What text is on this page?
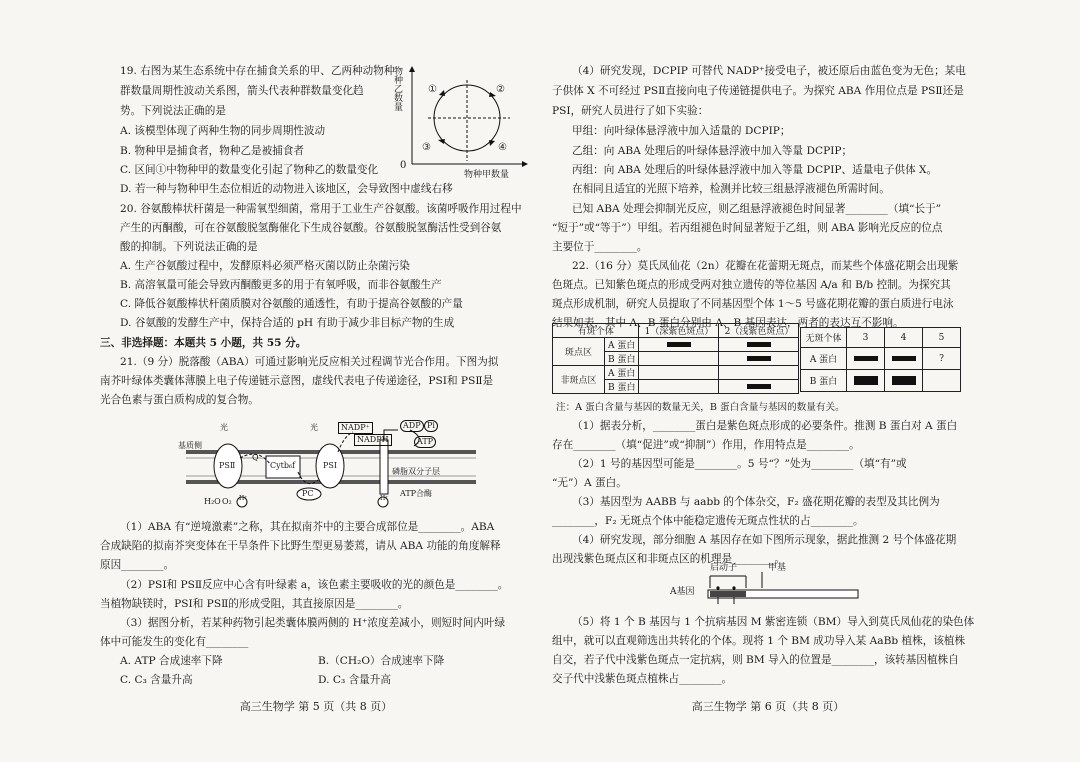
19. 右图为某生态系统中存在捕食关系的甲、乙两种动物种
群数量周期性波动关系图，箭头代表种群数量变化趋
势。下列说法正确的是
A. 该模型体现了两种生物的同步周期性波动
B. 物种甲是捕食者，物种乙是被捕食者
C. 区间①中物种甲的数量变化引起了物种乙的数量变化
D. 若一种与物种甲生态位相近的动物进入该地区，会导致图中虚线右移
物种乙数量
0
物种甲数量
①	②
③	④
20. 谷氨酸棒状杆菌是一种需氧型细菌，常用于工业生产谷氨酸。该菌呼吸作用过程中
产生的丙酮酸，可在谷氨酸脱氢酶催化下生成谷氨酸。谷氨酸脱氢酶活性受到谷氨
酸的抑制。下列说法正确的是
A. 生产谷氨酸过程中，发酵原料必须严格灭菌以防止杂菌污染
B. 高溶氧量可能会导致丙酮酸更多的用于有氧呼吸，而非谷氨酸生产
C. 降低谷氨酸棒状杆菌质膜对谷氨酸的通透性，有助于提高谷氨酸的产量
D. 谷氨酸的发酵生产中，保持合适的 pH 有助于减少非目标产物的生成
三、非选择题：本题共 5 小题，共 55 分。
21.（9 分）脱落酸（ABA）可通过影响光反应相关过程调节光合作用。下图为拟
南芥叶绿体类囊体薄膜上电子传递链示意图，虚线代表电子传递途径，PSⅠ和 PSⅡ是
光合色素与蛋白质构成的复合物。
基质侧
光	光
PSⅡ	PSⅠ
Cytb₆f
Q
PC
NADP⁺
NADPH
ADP Pi
ATP
磷脂双分子层
ATP合酶
H₂O O₂ H⁺	H⁺
（1）ABA 有“逆境激素”之称，其在拟南芥中的主要合成部位是________。ABA
合成缺陷的拟南芥突变体在干旱条件下比野生型更易萎蔫，请从 ABA 功能的角度解释
原因________。
（2）PSⅠ和 PSⅡ反应中心含有叶绿素 a，该色素主要吸收的光的颜色是________。
当植物缺镁时，PSⅠ和 PSⅡ的形成受阻，其直接原因是________。
（3）据图分析，若某种药物引起类囊体膜两侧的 H⁺浓度差减小，则短时间内叶绿
体中可能发生的变化有________
A. ATP 合成速率下降	B.（CH₂O）合成速率下降
C. C₃ 含量升高	D. C₃ 含量升高
高三生物学 第 5 页（共 8 页）
（4）研究发现，DCPIP 可替代 NADP⁺接受电子，被还原后由蓝色变为无色；某电
子供体 X 不可经过 PSⅡ直接向电子传递链提供电子。为探究 ABA 作用位点是 PSⅡ还是
PSⅠ，研究人员进行了如下实验：
甲组：向叶绿体悬浮液中加入适量的 DCPIP；
乙组：向 ABA 处理后的叶绿体悬浮液中加入等量 DCPIP；
丙组：向 ABA 处理后的叶绿体悬浮液中加入等量 DCPIP、适量电子供体 X。
在相同且适宜的光照下培养，检测并比较三组悬浮液褪色所需时间。
已知 ABA 处理会抑制光反应，则乙组悬浮液褪色时间显著________（填“长于”
“短于”或“等于”）甲组。若丙组褪色时间显著短于乙组，则 ABA 影响光反应的位点
主要位于________。
22.（16 分）莫氏凤仙花（2n）花瓣在花蕾期无斑点，而某些个体盛花期会出现紫
色斑点。已知紫色斑点的形成受两对独立遗传的等位基因 A/a 和 B/b 控制。为探究其
斑点形成机制，研究人员提取了不同基因型个体 1～5 号盛花期花瓣的蛋白质进行电泳
结果如表，其中 A、B 蛋白分别由 A、B 基因表达，两者的表达互不影响。
有斑个体		1（深紫色斑点）	2（浅紫色斑点）
斑点区	A 蛋白		
	B 蛋白		
非斑点区	A 蛋白		
	B 蛋白		
无斑个体	3	4	5
A 蛋白			?
B 蛋白			
注：A 蛋白含量与基因的数量无关，B 蛋白含量与基因的数量有关。
（1）据表分析，________蛋白是紫色斑点形成的必要条件。推测 B 蛋白对 A 蛋白
存在________（填“促进”或“抑制”）作用，作用特点是________。
（2）1 号的基因型可能是________。5 号“？”处为________（填“有”或
“无”）A 蛋白。
（3）基因型为 AABB 与 aabb 的个体杂交，F₂ 盛花期花瓣的表型及其比例为
________，F₂ 无斑点个体中能稳定遗传无斑点性状的占________。
（4）研究发现，部分细胞 A 基因存在如下图所示现象，据此推测 2 号个体盛花期
出现浅紫色斑点区和非斑点区的机理是________。
启动子	甲基
A基因
（5）将 1 个 B 基因与 1 个抗病基因 M 紫密连锁（BM）导入到莫氏凤仙花的染色体
组中，就可以直观筛选出共转化的个体。现将 1 个 BM 成功导入某 AaBb 植株，该植株
自交，若子代中浅紫色斑点一定抗病，则 BM 导入的位置是________，该转基因植株自
交子代中浅紫色斑点植株占________。
高三生物学 第 6 页（共 8 页）
